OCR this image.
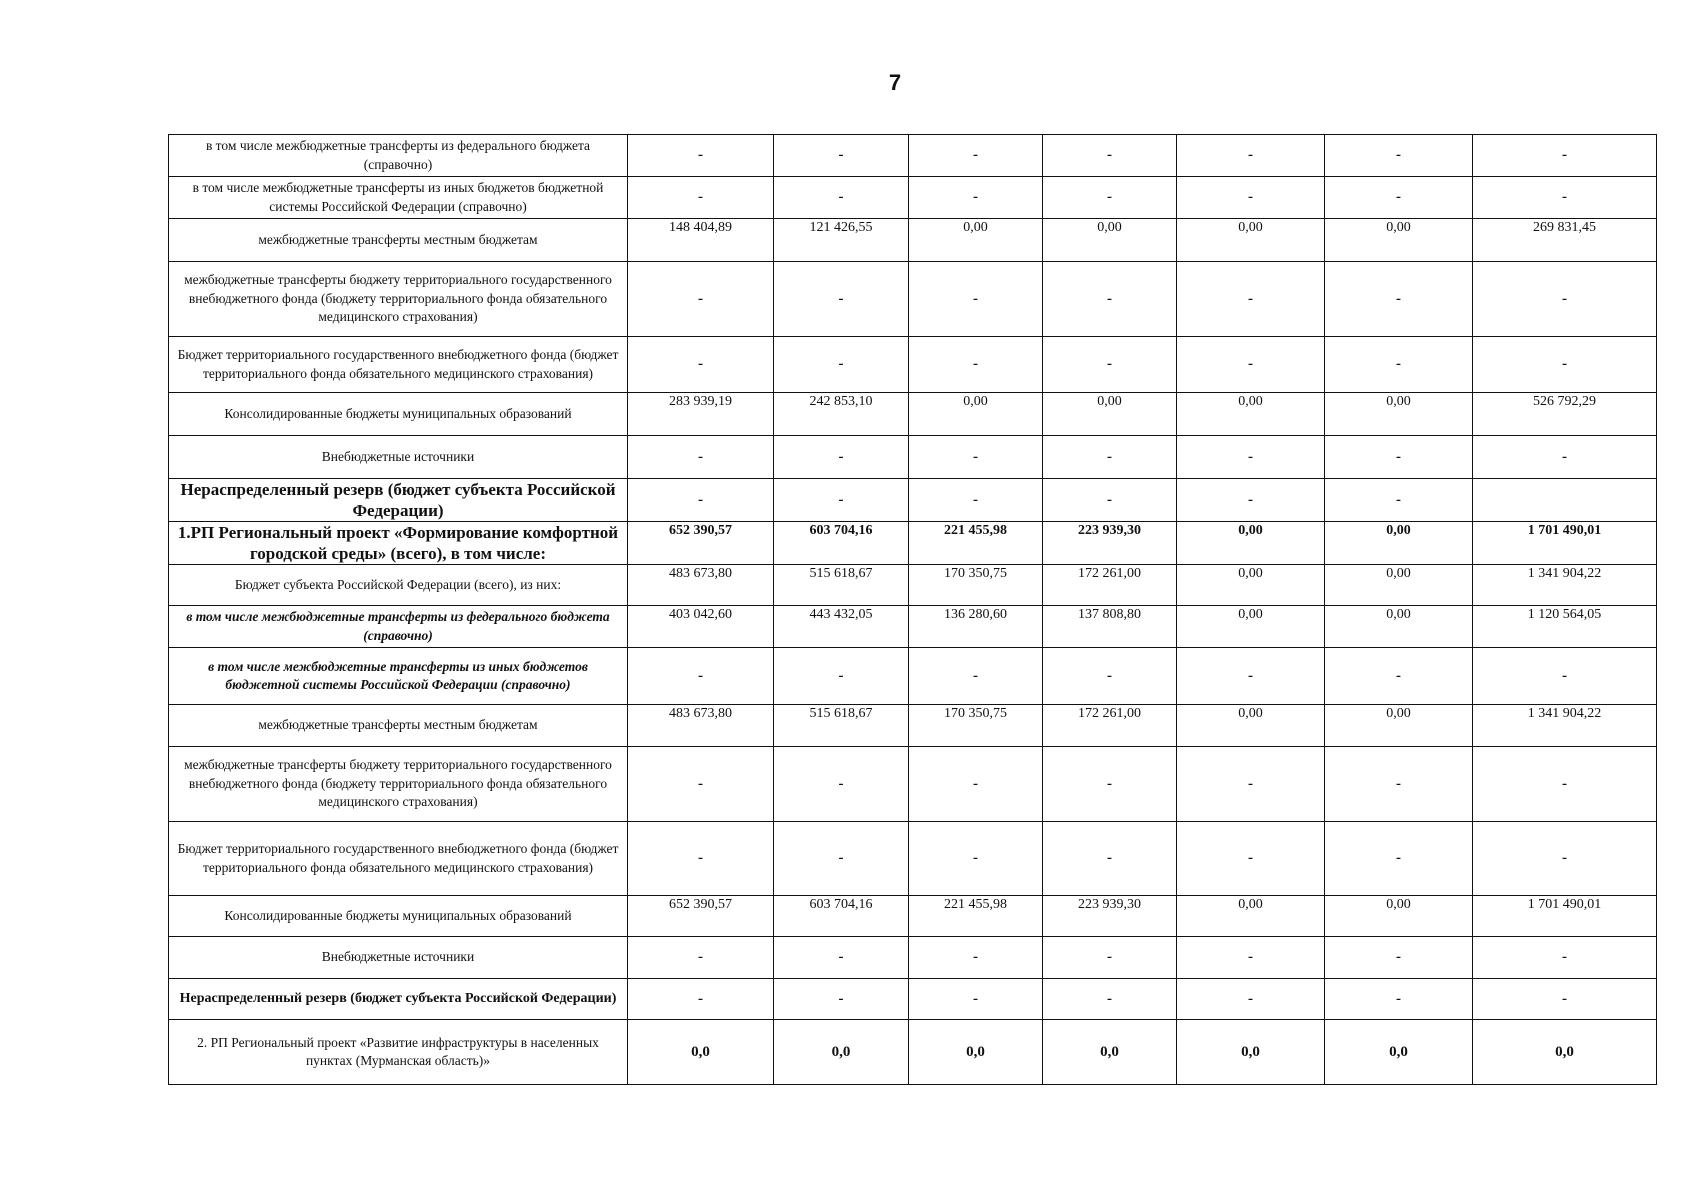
7
в том числе межбюджетные трансферты из федерального бюджета (справочно)	-	-	-	-	-	-	-
в том числе межбюджетные трансферты из иных бюджетов бюджетной системы Российской Федерации (справочно)	-	-	-	-	-	-	-
межбюджетные трансферты местным бюджетам	148 404,89	121 426,55	0,00	0,00	0,00	0,00	269 831,45
межбюджетные трансферты бюджету территориального государственного внебюджетного фонда (бюджету территориального фонда обязательного медицинского страхования)	-	-	-	-	-	-	-
Бюджет территориального государственного внебюджетного фонда (бюджет территориального фонда обязательного медицинского страхования)	-	-	-	-	-	-	-
Консолидированные бюджеты муниципальных образований	283 939,19	242 853,10	0,00	0,00	0,00	0,00	526 792,29
Внебюджетные источники	-	-	-	-	-	-	-
Нераспределенный резерв (бюджет субъекта Российской Федерации)	-	-	-	-	-	-	
1.РП Региональный проект «Формирование комфортной городской среды» (всего), в том числе:	652 390,57	603 704,16	221 455,98	223 939,30	0,00	0,00	1 701 490,01
Бюджет субъекта Российской Федерации (всего), из них:	483 673,80	515 618,67	170 350,75	172 261,00	0,00	0,00	1 341 904,22
в том числе межбюджетные трансферты из федерального бюджета (справочно)	403 042,60	443 432,05	136 280,60	137 808,80	0,00	0,00	1 120 564,05
в том числе межбюджетные трансферты из иных бюджетов бюджетной системы Российской Федерации (справочно)	-	-	-	-	-	-	-
межбюджетные трансферты местным бюджетам	483 673,80	515 618,67	170 350,75	172 261,00	0,00	0,00	1 341 904,22
межбюджетные трансферты бюджету территориального государственного внебюджетного фонда (бюджету территориального фонда обязательного медицинского страхования)	-	-	-	-	-	-	-
Бюджет территориального государственного внебюджетного фонда (бюджет территориального фонда обязательного медицинского страхования)	-	-	-	-	-	-	-
Консолидированные бюджеты муниципальных образований	652 390,57	603 704,16	221 455,98	223 939,30	0,00	0,00	1 701 490,01
Внебюджетные источники	-	-	-	-	-	-	-
Нераспределенный резерв (бюджет субъекта Российской Федерации)	-	-	-	-	-	-	-
2. РП Региональный проект «Развитие инфраструктуры в населенных пунктах (Мурманская область)»	0,0	0,0	0,0	0,0	0,0	0,0	0,0
